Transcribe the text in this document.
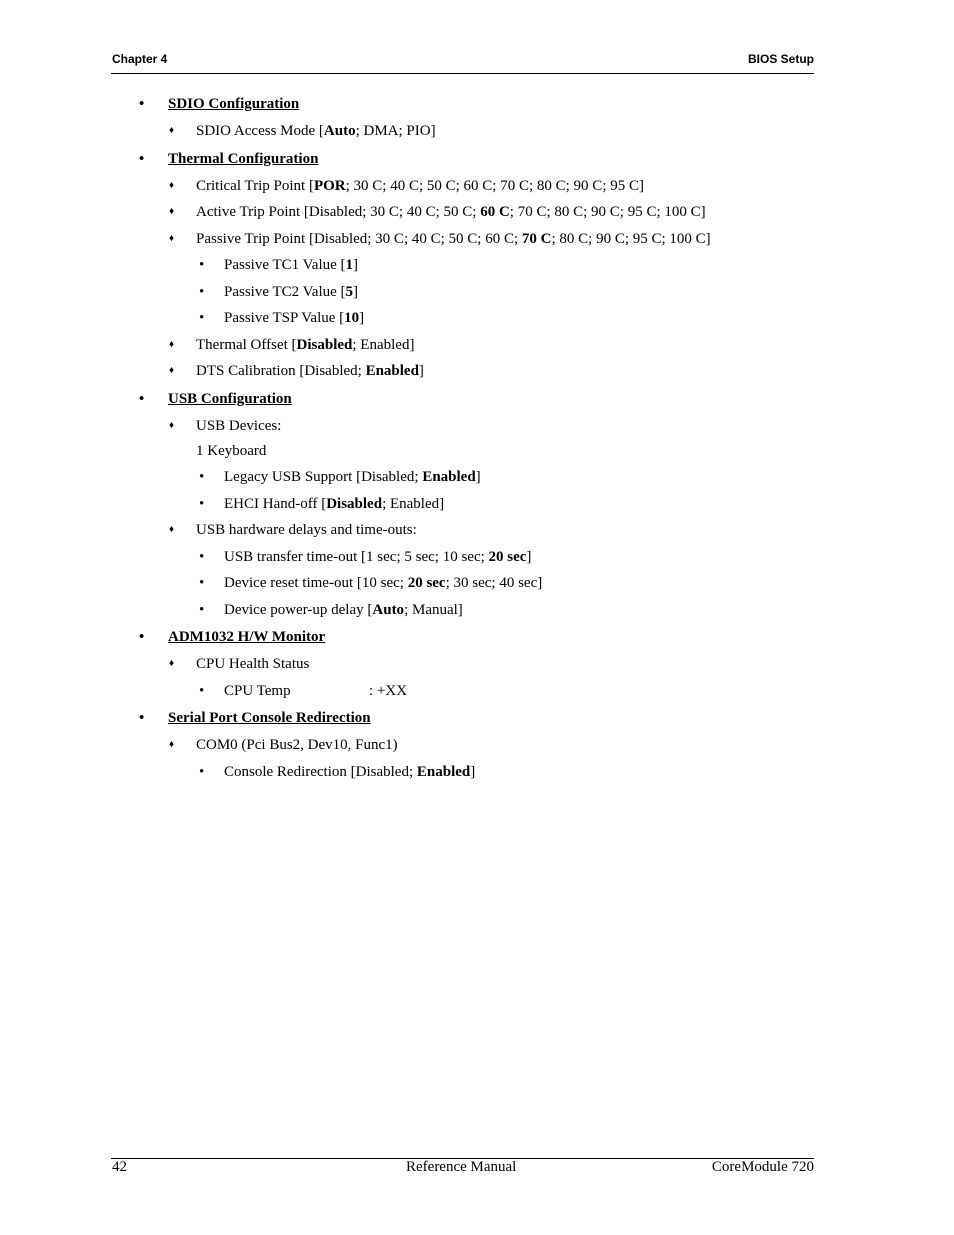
Chapter 4	BIOS Setup
• SDIO Configuration
♦ SDIO Access Mode [Auto; DMA; PIO]
• Thermal Configuration
♦ Critical Trip Point [POR; 30 C; 40 C; 50 C; 60 C; 70 C; 80 C; 90 C; 95 C]
♦ Active Trip Point [Disabled; 30 C; 40 C; 50 C; 60 C; 70 C; 80 C; 90 C; 95 C; 100 C]
♦ Passive Trip Point [Disabled; 30 C; 40 C; 50 C; 60 C; 70 C; 80 C; 90 C; 95 C; 100 C]
• Passive TC1 Value [1]
• Passive TC2 Value [5]
• Passive TSP Value [10]
♦ Thermal Offset [Disabled; Enabled]
♦ DTS Calibration [Disabled; Enabled]
• USB Configuration
♦ USB Devices:
1 Keyboard
• Legacy USB Support [Disabled; Enabled]
• EHCI Hand-off [Disabled; Enabled]
♦ USB hardware delays and time-outs:
• USB transfer time-out [1 sec; 5 sec; 10 sec; 20 sec]
• Device reset time-out [10 sec; 20 sec; 30 sec; 40 sec]
• Device power-up delay [Auto; Manual]
• ADM1032 H/W Monitor
♦ CPU Health Status
• CPU Temp	: +XX
• Serial Port Console Redirection
♦ COM0 (Pci Bus2, Dev10, Func1)
• Console Redirection [Disabled; Enabled]
42	Reference Manual	CoreModule 720
